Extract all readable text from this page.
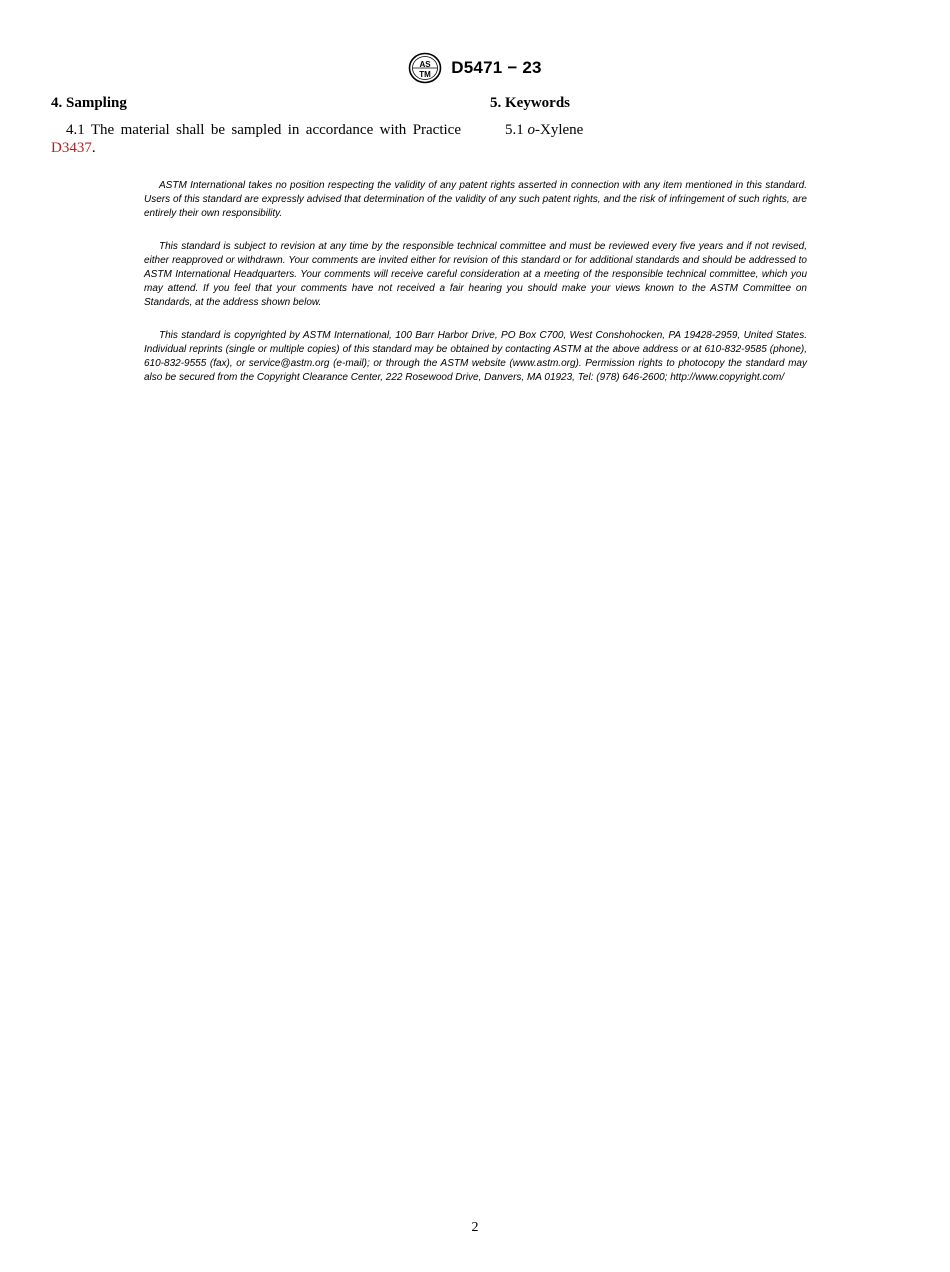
AS
TM D5471 − 23

4. Sampling

4.1 The material shall be sampled in accordance with Practice D3437.

5. Keywords

5.1 o-Xylene

ASTM International takes no position respecting the validity of any patent rights asserted in connection with any item mentioned in this standard. Users of this standard are expressly advised that determination of the validity of any such patent rights, and the risk of infringement of such rights, are entirely their own responsibility.

This standard is subject to revision at any time by the responsible technical committee and must be reviewed every five years and if not revised, either reapproved or withdrawn. Your comments are invited either for revision of this standard or for additional standards and should be addressed to ASTM International Headquarters. Your comments will receive careful consideration at a meeting of the responsible technical committee, which you may attend. If you feel that your comments have not received a fair hearing you should make your views known to the ASTM Committee on Standards, at the address shown below.

This standard is copyrighted by ASTM International, 100 Barr Harbor Drive, PO Box C700, West Conshohocken, PA 19428-2959, United States. Individual reprints (single or multiple copies) of this standard may be obtained by contacting ASTM at the above address or at 610-832-9585 (phone), 610-832-9555 (fax), or service@astm.org (e-mail); or through the ASTM website (www.astm.org). Permission rights to photocopy the standard may also be secured from the Copyright Clearance Center, 222 Rosewood Drive, Danvers, MA 01923, Tel: (978) 646-2600; http://www.copyright.com/

2
